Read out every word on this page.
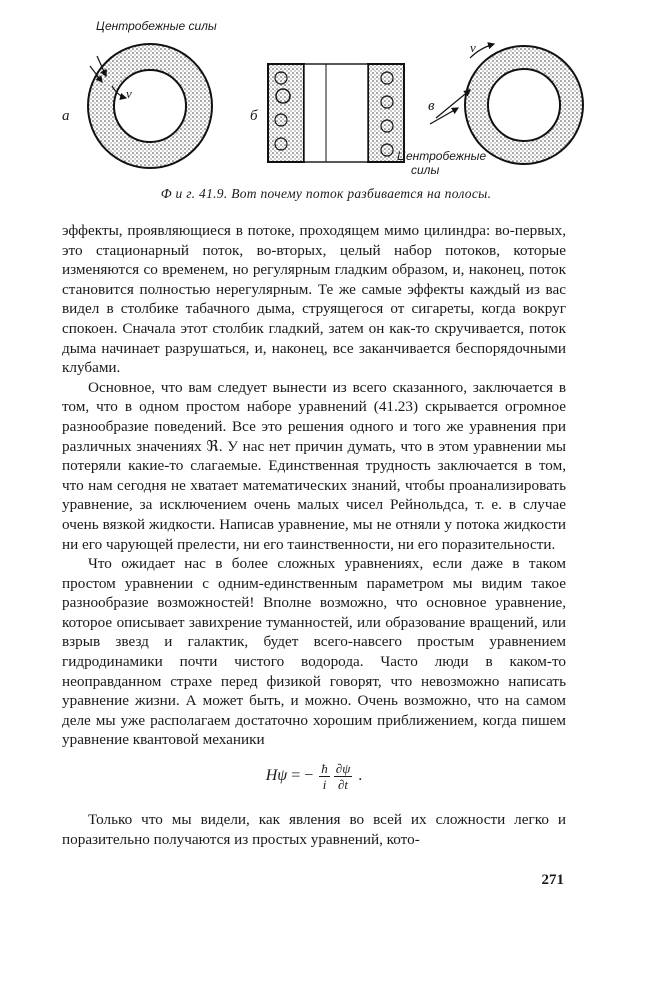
Центробежные силы
v
а	б
в
v
Центробежные
силы
Ф и г. 41.9. Вот почему поток разбивается на полосы.

эффекты, проявляющиеся в потоке, проходящем мимо цилиндра: во-первых, это стационарный поток, во-вторых, целый набор потоков, которые изменяются со временем, но регулярным гладким образом, и, наконец, поток становится полностью нерегулярным. Те же самые эффекты каждый из вас видел в столбике табачного дыма, струящегося от сигареты, когда вокруг спокоен. Сначала этот столбик гладкий, затем он как-то скручивается, поток дыма начинает разрушаться, и, наконец, все заканчивается беспорядочными клубами.

Основное, что вам следует вынести из всего сказанного, заключается в том, что в одном простом наборе уравнений (41.23) скрывается огромное разнообразие поведений. Все это решения одного и того же уравнения при различных значениях ℜ. У нас нет причин думать, что в этом уравнении мы потеряли какие-то слагаемые. Единственная трудность заключается в том, что нам сегодня не хватает математических знаний, чтобы проанализировать уравнение, за исключением очень малых чисел Рейнольдса, т. е. в случае очень вязкой жидкости. Написав уравнение, мы не отняли у потока жидкости ни его чарующей прелести, ни его таинственности, ни его поразительности.

Что ожидает нас в более сложных уравнениях, если даже в таком простом уравнении с одним-единственным параметром мы видим такое разнообразие возможностей! Вполне возможно, что основное уравнение, которое описывает завихрение туманностей, или образование вращений, или взрыв звезд и галактик, будет всего-навсего простым уравнением гидродинамики почти чистого водорода. Часто люди в каком-то неоправданном страхе перед физикой говорят, что невозможно написать уравнение жизни. А может быть, и можно. Очень возможно, что на самом деле мы уже располагаем достаточно хорошим приближением, когда пишем уравнение квантовой механики

Hψ = − $\frac{ħ}{i} \frac{\partial\psi}{\partial t}$ .

Только что мы видели, как явления во всей их сложности легко и поразительно получаются из простых уравнений, кото-

271
